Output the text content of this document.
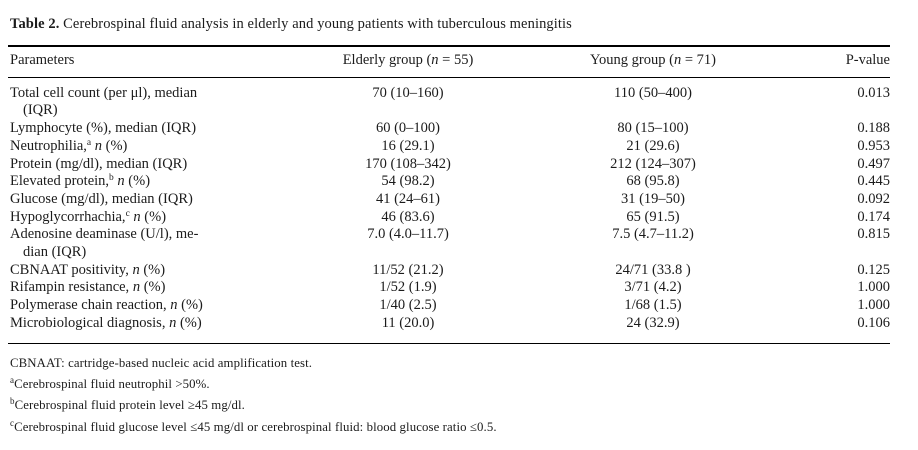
Table 2. Cerebrospinal fluid analysis in elderly and young patients with tuberculous meningitis
Parameters	Elderly group (n = 55)	Young group (n = 71)	P-value
Total cell count (per μl), median
(IQR)	70 (10–160)	110 (50–400)	0.013
Lymphocyte (%), median (IQR)	60 (0–100)	80 (15–100)	0.188
Neutrophilia,$^a$ n (%)	16 (29.1)	21 (29.6)	0.953
Protein (mg/dl), median (IQR)	170 (108–342)	212 (124–307)	0.497
Elevated protein,$^b$ n (%)	54 (98.2)	68 (95.8)	0.445
Glucose (mg/dl), median (IQR)	41 (24–61)	31 (19–50)	0.092
Hypoglycorrhachia,$^c$ n (%)	46 (83.6)	65 (91.5)	0.174
Adenosine deaminase (U/l), me-
dian (IQR)	7.0 (4.0–11.7)	7.5 (4.7–11.2)	0.815
CBNAAT positivity, n (%)	11/52 (21.2)	24/71 (33.8 )	0.125
Rifampin resistance, n (%)	1/52 (1.9)	3/71 (4.2)	1.000
Polymerase chain reaction, n (%)	1/40 (2.5)	1/68 (1.5)	1.000
Microbiological diagnosis, n (%)	11 (20.0)	24 (32.9)	0.106
CBNAAT: cartridge-based nucleic acid amplification test.
$^a$Cerebrospinal fluid neutrophil >50%.
$^b$Cerebrospinal fluid protein level ≥45 mg/dl.
$^c$Cerebrospinal fluid glucose level ≤45 mg/dl or cerebrospinal fluid: blood glucose ratio ≤0.5.
